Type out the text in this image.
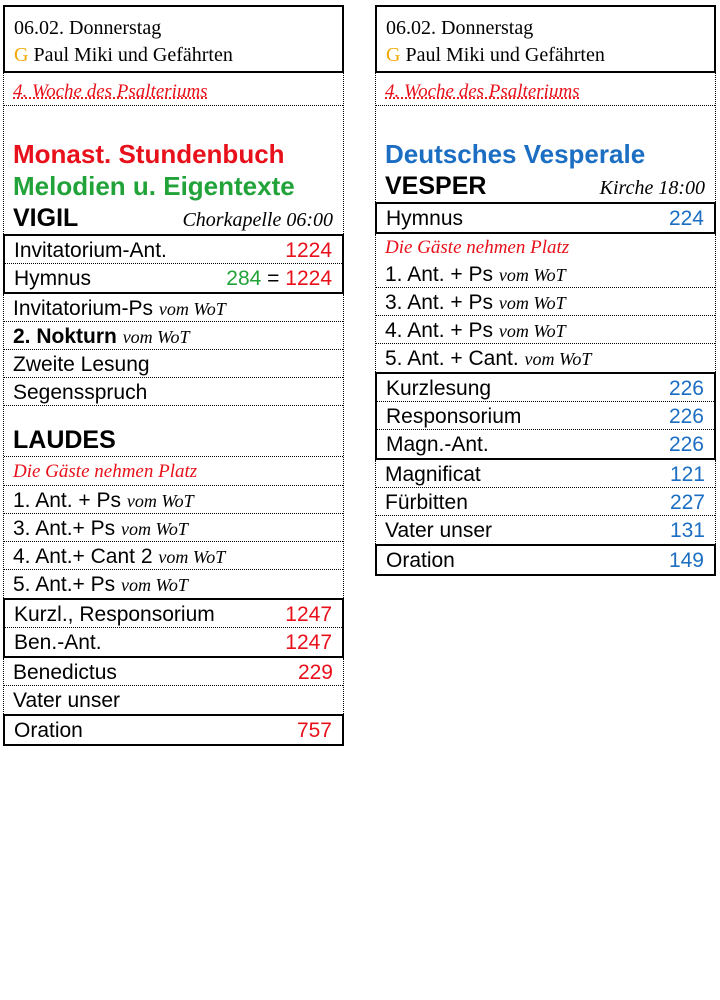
06.02. Donnerstag
G Paul Miki und Gefährten
4. Woche des Psalteriums
Monast. Stundenbuch
Melodien u. Eigentexte
VIGIL	Chorkapelle 06:00
Invitatorium-Ant.	1224
Hymnus	284 = 1224
Invitatorium-Ps vom WoT
2. Nokturn vom WoT
Zweite Lesung
Segensspruch
LAUDES
Die Gäste nehmen Platz
1. Ant. + Ps vom WoT
3. Ant.+ Ps vom WoT
4. Ant.+ Cant 2 vom WoT
5. Ant.+ Ps vom WoT
Kurzl., Responsorium	1247
Ben.-Ant.	1247
Benedictus	229
Vater unser
Oration	757
06.02. Donnerstag
G Paul Miki und Gefährten
4. Woche des Psalteriums
Deutsches Vesperale
VESPER	Kirche 18:00
Hymnus	224
Die Gäste nehmen Platz
1. Ant. + Ps vom WoT
3. Ant. + Ps vom WoT
4. Ant. + Ps vom WoT
5. Ant. + Cant. vom WoT
Kurzlesung	226
Responsorium	226
Magn.-Ant.	226
Magnificat	121
Fürbitten	227
Vater unser	131
Oration	149
